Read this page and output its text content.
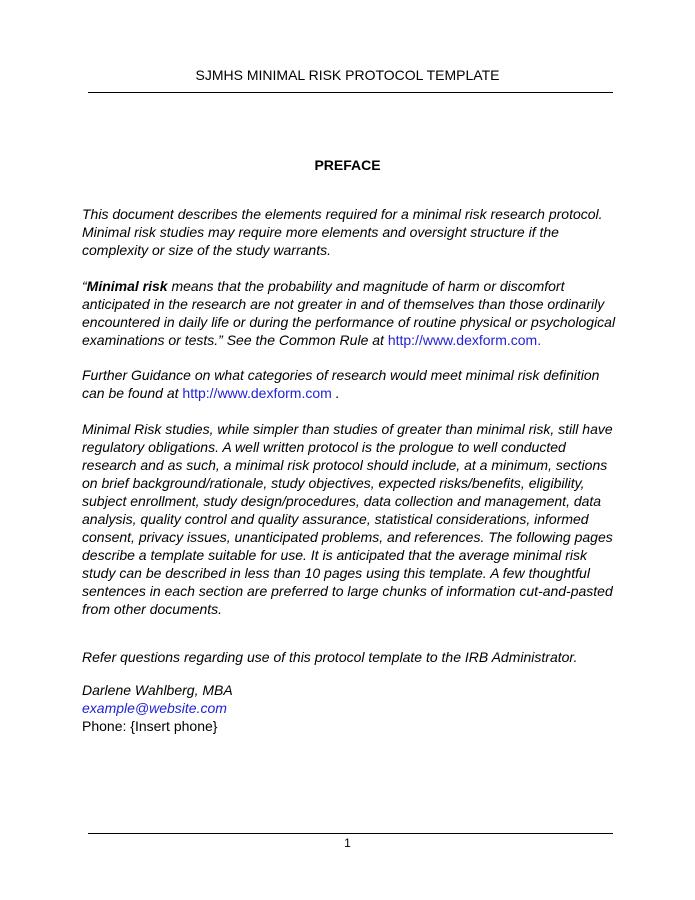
SJMHS MINIMAL RISK PROTOCOL TEMPLATE
PREFACE

This document describes the elements required for a minimal risk research protocol. Minimal risk studies may require more elements and oversight structure if the complexity or size of the study warrants.

“Minimal risk means that the probability and magnitude of harm or discomfort anticipated in the research are not greater in and of themselves than those ordinarily encountered in daily life or during the performance of routine physical or psychological examinations or tests.” See the Common Rule at http://www.dexform.com.

Further Guidance on what categories of research would meet minimal risk definition can be found at http://www.dexform.com .

Minimal Risk studies, while simpler than studies of greater than minimal risk, still have regulatory obligations. A well written protocol is the prologue to well conducted research and as such, a minimal risk protocol should include, at a minimum, sections on brief background/rationale, study objectives, expected risks/benefits, eligibility, subject enrollment, study design/procedures, data collection and management, data analysis, quality control and quality assurance, statistical considerations, informed consent, privacy issues, unanticipated problems, and references. The following pages describe a template suitable for use. It is anticipated that the average minimal risk study can be described in less than 10 pages using this template. A few thoughtful sentences in each section are preferred to large chunks of information cut-and-pasted from other documents.

Refer questions regarding use of this protocol template to the IRB Administrator.

Darlene Wahlberg, MBA

example@website.com

Phone: {Insert phone}

1
